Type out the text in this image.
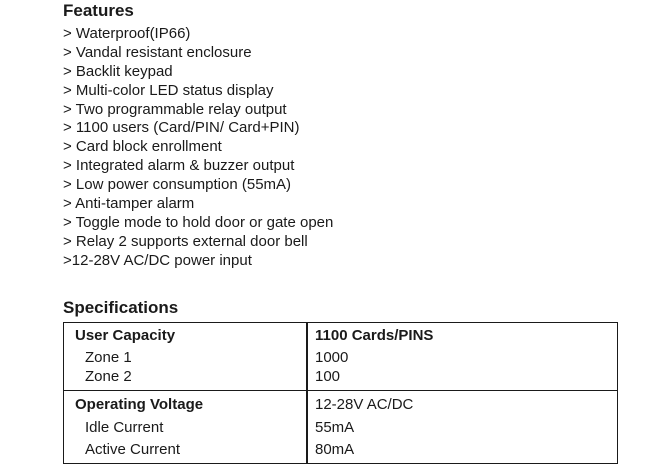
Features
> Waterproof(IP66)
> Vandal resistant enclosure
> Backlit keypad
> Multi-color LED status display
> Two programmable relay output
> 1100 users (Card/PIN/ Card+PIN)
> Card block enrollment
> Integrated alarm & buzzer output
> Low power consumption (55mA)
> Anti-tamper alarm
> Toggle mode to hold door or gate open
> Relay 2 supports external door bell
>12-28V AC/DC power input
Specifications
User Capacity	1100 Cards/PINS
Zone 1	1000
Zone 2	100
Operating Voltage	12-28V AC/DC
Idle Current	55mA
Active Current	80mA
